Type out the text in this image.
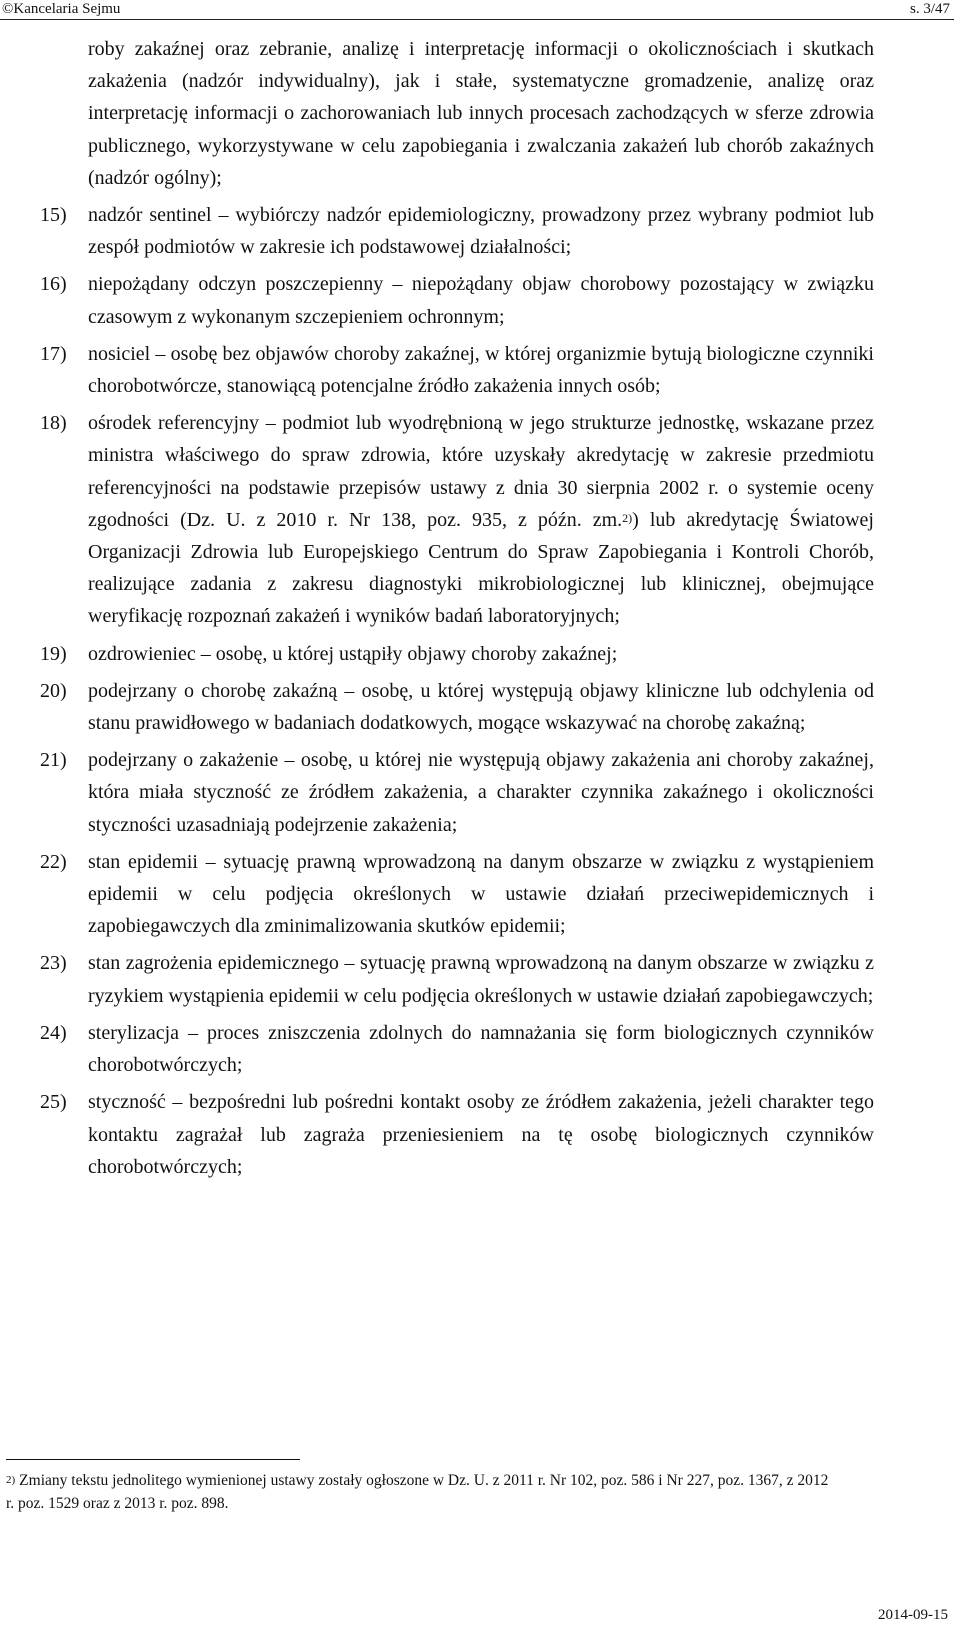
©Kancelaria Sejmu	s. 3/47

roby zakaźnej oraz zebranie, analizę i interpretację informacji o okolicznościach i skutkach zakażenia (nadzór indywidualny), jak i stałe, systematyczne gromadzenie, analizę oraz interpretację informacji o zachorowaniach lub innych procesach zachodzących w sferze zdrowia publicznego, wykorzystywane w celu zapobiegania i zwalczania zakażeń lub chorób zakaźnych (nadzór ogólny);

15) nadzór sentinel – wybiórczy nadzór epidemiologiczny, prowadzony przez wybrany podmiot lub zespół podmiotów w zakresie ich podstawowej działalności;
16) niepożądany odczyn poszczepienny – niepożądany objaw chorobowy pozostający w związku czasowym z wykonanym szczepieniem ochronnym;
17) nosiciel – osobę bez objawów choroby zakaźnej, w której organizmie bytują biologiczne czynniki chorobotwórcze, stanowiącą potencjalne źródło zakażenia innych osób;
18) ośrodek referencyjny – podmiot lub wyodrębnioną w jego strukturze jednostkę, wskazane przez ministra właściwego do spraw zdrowia, które uzyskały akredytację w zakresie przedmiotu referencyjności na podstawie przepisów ustawy z dnia 30 sierpnia 2002 r. o systemie oceny zgodności (Dz. U. z 2010 r. Nr 138, poz. 935, z późn. zm.$^{2)}$) lub akredytację Światowej Organizacji Zdrowia lub Europejskiego Centrum do Spraw Zapobiegania i Kontroli Chorób, realizujące zadania z zakresu diagnostyki mikrobiologicznej lub klinicznej, obejmujące weryfikację rozpoznań zakażeń i wyników badań laboratoryjnych;
19) ozdrowieniec – osobę, u której ustąpiły objawy choroby zakaźnej;
20) podejrzany o chorobę zakaźną – osobę, u której występują objawy kliniczne lub odchylenia od stanu prawidłowego w badaniach dodatkowych, mogące wskazywać na chorobę zakaźną;
21) podejrzany o zakażenie – osobę, u której nie występują objawy zakażenia ani choroby zakaźnej, która miała styczność ze źródłem zakażenia, a charakter czynnika zakaźnego i okoliczności styczności uzasadniają podejrzenie zakażenia;
22) stan epidemii – sytuację prawną wprowadzoną na danym obszarze w związku z wystąpieniem epidemii w celu podjęcia określonych w ustawie działań przeciwepidemicznych i zapobiegawczych dla zminimalizowania skutków epidemii;
23) stan zagrożenia epidemicznego – sytuację prawną wprowadzoną na danym obszarze w związku z ryzykiem wystąpienia epidemii w celu podjęcia określonych w ustawie działań zapobiegawczych;
24) sterylizacja – proces zniszczenia zdolnych do namnażania się form biologicznych czynników chorobotwórczych;
25) styczność – bezpośredni lub pośredni kontakt osoby ze źródłem zakażenia, jeżeli charakter tego kontaktu zagrażał lub zagraża przeniesieniem na tę osobę biologicznych czynników chorobotwórczych;
$^{2)}$ Zmiany tekstu jednolitego wymienionej ustawy zostały ogłoszone w Dz. U. z 2011 r. Nr 102, poz. 586 i Nr 227, poz. 1367, z 2012 r. poz. 1529 oraz z 2013 r. poz. 898.
2014-09-15
